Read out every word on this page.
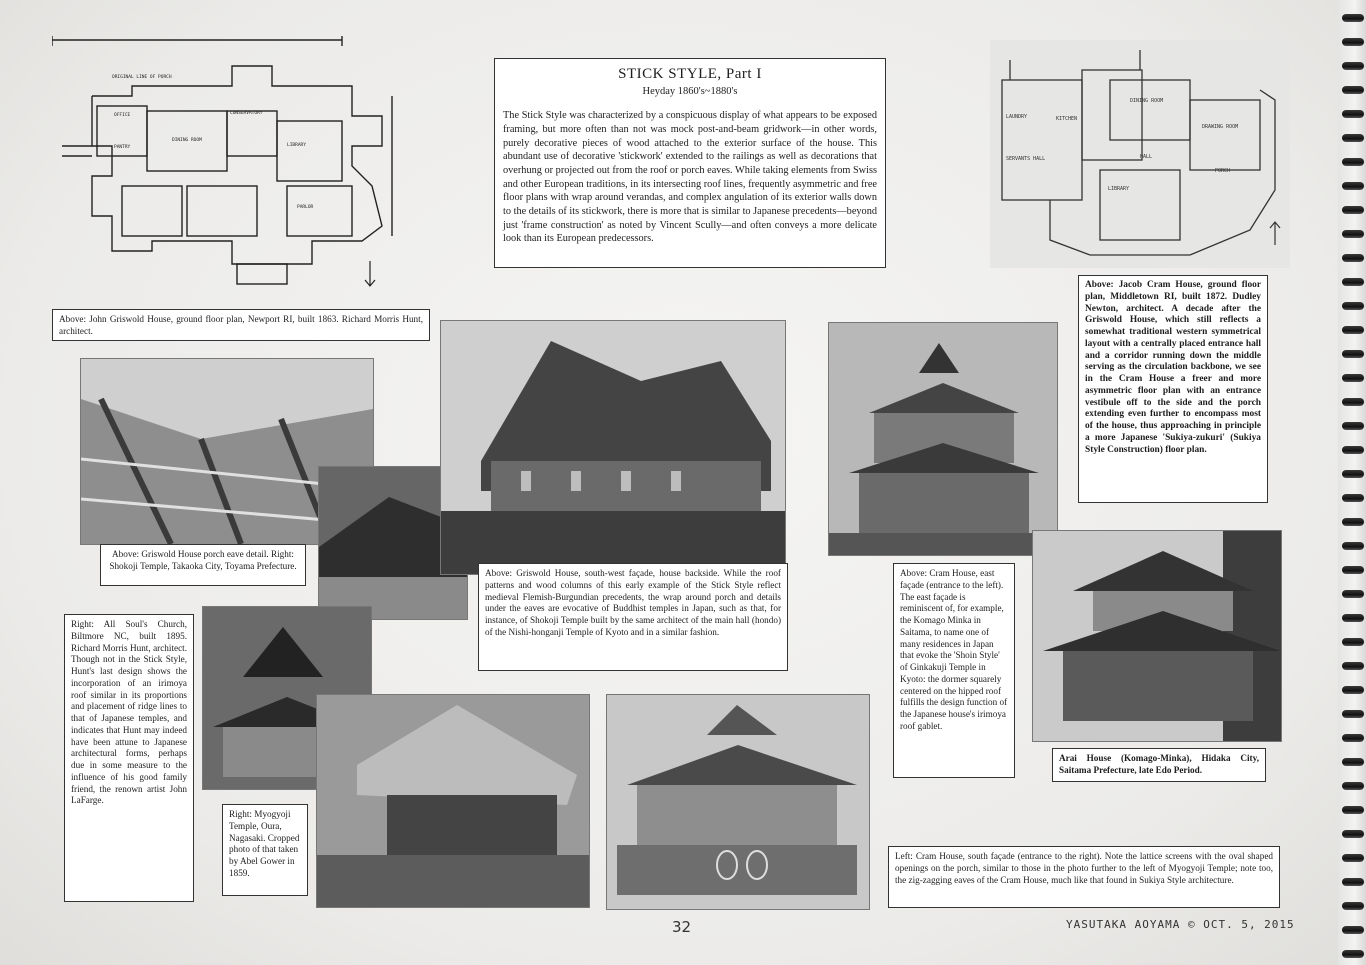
ORIGINAL LINE OF PORCH
OFFICE	CONSERVATORY
DINING ROOM
LIBRARY
PANTRY
PARLOR

Above: John Griswold House, ground floor plan, Newport RI, built 1863. Richard Morris Hunt, architect.

STICK STYLE, Part I

Heyday 1860's~1880's

The Stick Style was characterized by a conspicuous display of what appears to be exposed framing, but more often than not was mock post-and-beam gridwork—in other words, purely decorative pieces of wood attached to the exterior surface of the house. This abundant use of decorative 'stickwork' extended to the railings as well as decorations that overhung or projected out from the roof or porch eaves. While taking elements from Swiss and other European traditions, in its intersecting roof lines, frequently asymmetric and free floor plans with wrap around verandas, and complex angulation of its exterior walls down to the details of its stickwork, there is more that is similar to Japanese precedents—beyond just 'frame construction' as noted by Vincent Scully—and often conveys a more delicate look than its European predecessors.

LAUNDRY	KITCHEN
DINING ROOM
DRAWING ROOM
SERVANTS HALL	HALL
LIBRARY
PORCH

Above: Jacob Cram House, ground floor plan, Middletown RI, built 1872. Dudley Newton, architect. A decade after the Griswold House, which still reflects a somewhat traditional western symmetrical layout with a centrally placed entrance hall and a corridor running down the middle serving as the circulation backbone, we see in the Cram House a freer and more asymmetric floor plan with an entrance vestibule off to the side and the porch extending even further to encompass most of the house, thus approaching in principle a more Japanese 'Sukiya-zukuri' (Sukiya Style Construction) floor plan.

Above: Griswold House porch eave detail. Right: Shokoji Temple, Takaoka City, Toyama Prefecture.

Above: Griswold House, south-west façade, house backside. While the roof patterns and wood columns of this early example of the Stick Style reflect medieval Flemish-Burgundian precedents, the wrap around porch and details under the eaves are evocative of Buddhist temples in Japan, such as that, for instance, of Shokoji Temple built by the same architect of the main hall (hondo) of the Nishi-honganji Temple of Kyoto and in a similar fashion.

Above: Cram House, east façade (entrance to the left). The east façade is reminiscent of, for example, the Komago Minka in Saitama, to name one of many residences in Japan that evoke the 'Shoin Style' of Ginkakuji Temple in Kyoto: the dormer squarely centered on the hipped roof fulfills the design function of the Japanese house's irimoya roof gablet.

Arai House (Komago-Minka), Hidaka City, Saitama Prefecture, late Edo Period.

Right: All Soul's Church, Biltmore NC, built 1895. Richard Morris Hunt, architect. Though not in the Stick Style, Hunt's last design shows the incorporation of an irimoya roof similar in its proportions and placement of ridge lines to that of Japanese temples, and indicates that Hunt may indeed have been attune to Japanese architectural forms, perhaps due in some measure to the influence of his good family friend, the renown artist John LaFarge.

Right: Myogyoji Temple, Oura, Nagasaki. Cropped photo of that taken by Abel Gower in 1859.

Left: Cram House, south façade (entrance to the right). Note the lattice screens with the oval shaped openings on the porch, similar to those in the photo further to the left of Myogyoji Temple; note too, the zig-zagging eaves of the Cram House, much like that found in Sukiya Style architecture.

32	YASUTAKA AOYAMA © OCT. 5, 2015
